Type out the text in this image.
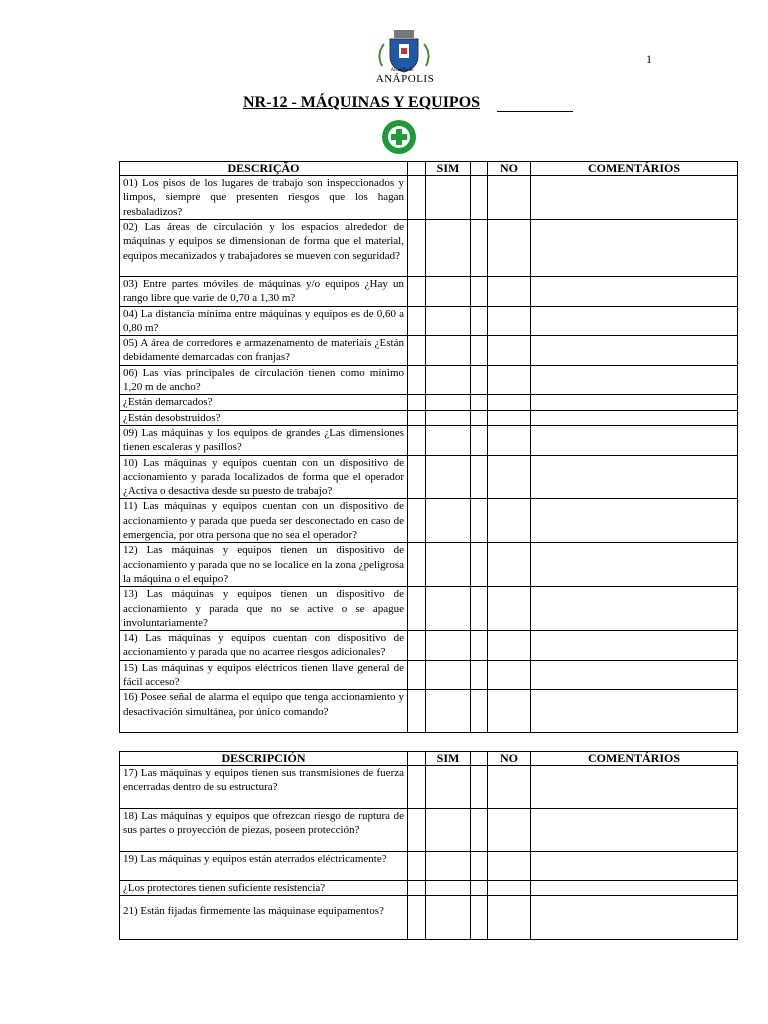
1
Alcaldía de
ANÁPOLIS
NR-12 - MÁQUINAS Y EQUIPOS
DESCRIÇÃO		SIM		NO	COMENTÁRIOS
01) Los pisos de los lugares de trabajo son inspeccionados y limpos, siempre que presenten riesgos que los hagan resbaladizos?					
02) Las áreas de circulación y los espacios alrededor de máquinas y equipos se dimensionan de forma que el material, equipos mecanizados y trabajadores se mueven con seguridad?					
03) Entre partes móviles de máquinas y/o equipos ¿Hay un rango libre que varie de 0,70 a 1,30 m?					
04) La distancia mínima entre máquinas y equipos es de 0,60 a 0,80 m?					
05) A área de corredores e armazenamento de materiais ¿Están debidamente demarcadas con franjas?					
06) Las vías principales de circulación tienen como mínimo 1,20 m de ancho?					
¿Están demarcados?					
¿Están desobstruidos?					
09) Las máquinas y los equipos de grandes ¿Las dimensiones tienen escaleras y pasillos?					
10) Las máquinas y equipos cuentan con un dispositivo de accionamiento y parada localizados de forma que el operador ¿Activa o desactiva desde su puesto de trabajo?					
11) Las máquinas y equipos cuentan con un dispositivo de accionamiento y parada que pueda ser desconectado en caso de emergencia, por otra persona que no sea el operador?					
12) Las máquinas y equipos tienen un dispositivo de accionamiento y parada que no se localice en la zona ¿peligrosa la máquina o el equipo?					
13) Las máquinas y equipos tienen un dispositivo de accionamiento y parada que no se active o se apague involuntariamente?					
14) Las máquinas y equipos cuentan con dispositivo de accionamiento y parada que no acarree riesgos adicionales?					
15) Las máquinas y equipos eléctricos tienen llave general de fácil acceso?					
16) Posee señal de alarma el equipo que tenga accionamiento y desactivación simultánea, por único comando?					
DESCRIPCIÓN		SIM		NO	COMENTÁRIOS
17) Las máquinas y equipos tienen sus transmisiones de fuerza encerradas dentro de su estructura?					
18) Las máquinas y equipos que ofrezcan riesgo de ruptura de sus partes o proyección de piezas, poseen protección?					
19) Las máquinas y equipos están aterrados eléctricamente?					
¿Los protectores tienen suficiente resistencia?					
21) Están fijadas firmemente las máquinase equipamentos?					
